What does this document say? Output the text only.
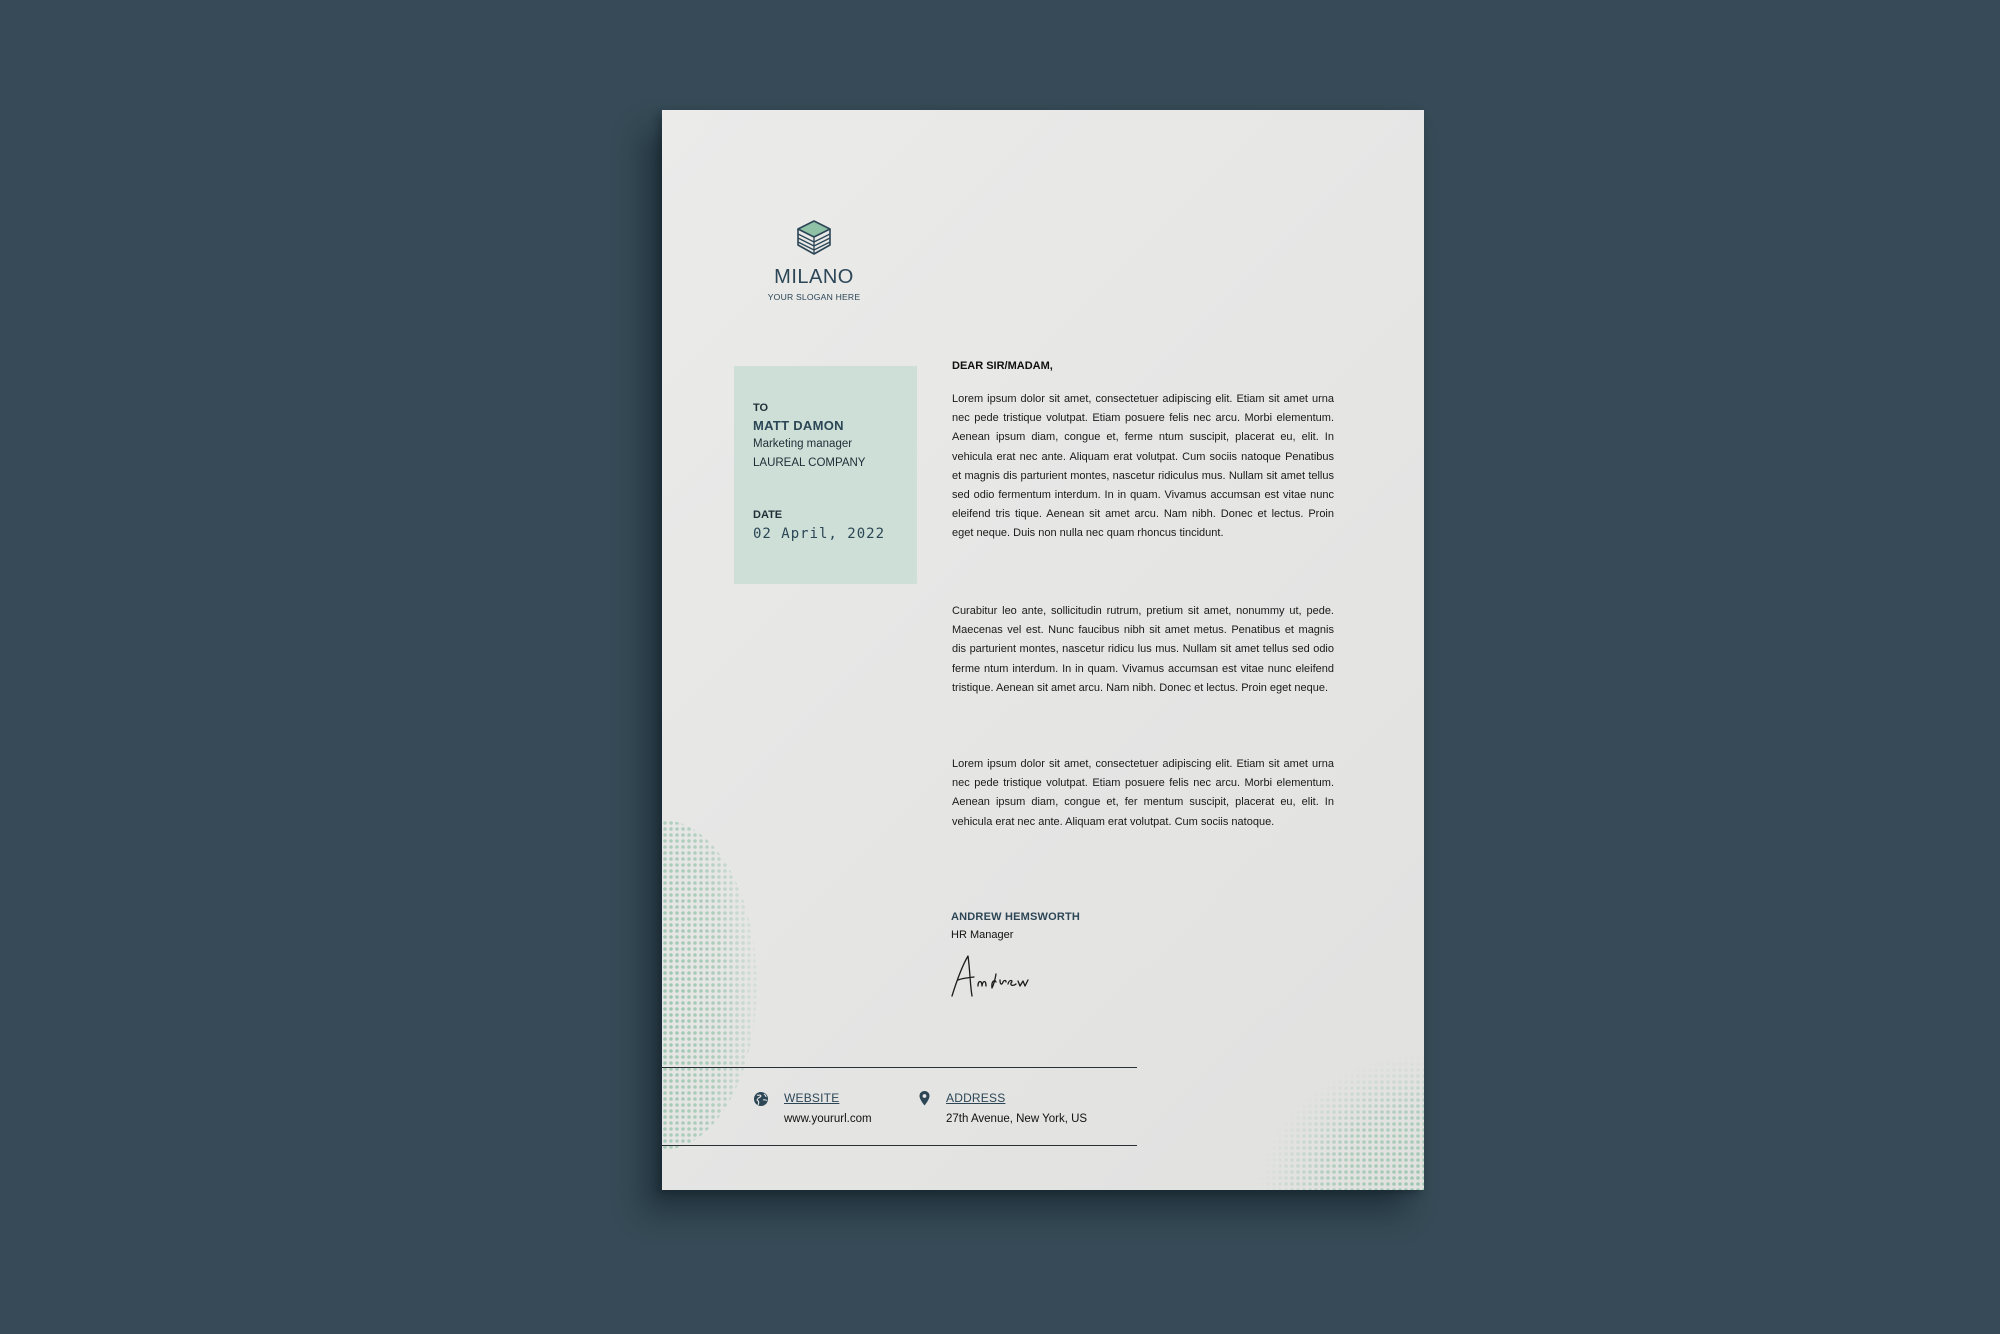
MILANO
YOUR SLOGAN HERE
TO
MATT DAMON
Marketing manager
LAUREAL COMPANY
DATE
02 April, 2022
DEAR SIR/MADAM,

Lorem ipsum dolor sit amet, consectetuer adipiscing elit. Etiam sit amet urna nec pede tristique volutpat. Etiam posuere felis nec arcu. Morbi elementum. Aenean ipsum diam, congue et, ferme ntum suscipit, placerat eu, elit. In vehicula erat nec ante. Aliquam erat volutpat. Cum sociis natoque Penatibus et magnis dis parturient montes, nascetur ridiculus mus. Nullam sit amet tellus sed odio fermentum interdum. In in quam. Vivamus accumsan est vitae nunc eleifend tris tique. Aenean sit amet arcu. Nam nibh. Donec et lectus. Proin eget neque. Duis non nulla nec quam rhoncus tincidunt.

Curabitur leo ante, sollicitudin rutrum, pretium sit amet, nonummy ut, pede. Maecenas vel est. Nunc faucibus nibh sit amet metus. Penatibus et magnis dis parturient montes, nascetur ridicu lus mus. Nullam sit amet tellus sed odio ferme ntum interdum. In in quam. Vivamus accumsan est vitae nunc eleifend tristique. Aenean sit amet arcu. Nam nibh. Donec et lectus. Proin eget neque.

Lorem ipsum dolor sit amet, consectetuer adipiscing elit. Etiam sit amet urna nec pede tristique volutpat. Etiam posuere felis nec arcu. Morbi elementum. Aenean ipsum diam, congue et, fer mentum suscipit, placerat eu, elit. In vehicula erat nec ante. Aliquam erat volutpat. Cum sociis natoque.

ANDREW HEMSWORTH
HR Manager
WEBSITE
www.yoururl.com
ADDRESS
27th Avenue, New York, US
